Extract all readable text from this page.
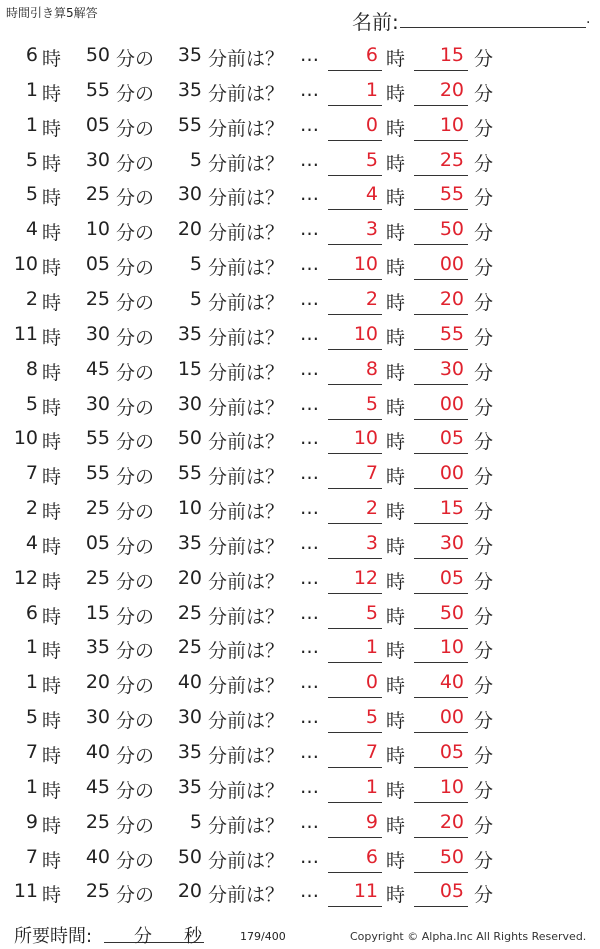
時間引き算5解答	名前:	.
6 時	50 分の	35 分前は？ …	6 時	15 分
1 時	55 分の	35 分前は？ …	1 時	20 分
1 時	05 分の	55 分前は？ …	0 時	10 分
5 時	30 分の	5 分前は？ …	5 時	25 分
5 時	25 分の	30 分前は？ …	4 時	55 分
4 時	10 分の	20 分前は？ …	3 時	50 分
10 時	05 分の	5 分前は？ …	10 時	00 分
2 時	25 分の	5 分前は？ …	2 時	20 分
11 時	30 分の	35 分前は？ …	10 時	55 分
8 時	45 分の	15 分前は？ …	8 時	30 分
5 時	30 分の	30 分前は？ …	5 時	00 分
10 時	55 分の	50 分前は？ …	10 時	05 分
7 時	55 分の	55 分前は？ …	7 時	00 分
2 時	25 分の	10 分前は？ …	2 時	15 分
4 時	05 分の	35 分前は？ …	3 時	30 分
12 時	25 分の	20 分前は？ …	12 時	05 分
6 時	15 分の	25 分前は？ …	5 時	50 分
1 時	35 分の	25 分前は？ …	1 時	10 分
1 時	20 分の	40 分前は？ …	0 時	40 分
5 時	30 分の	30 分前は？ …	5 時	00 分
7 時	40 分の	35 分前は？ …	7 時	05 分
1 時	45 分の	35 分前は？ …	1 時	10 分
9 時	25 分の	5 分前は？ …	9 時	20 分
7 時	40 分の	50 分前は？ …	6 時	50 分
11 時	25 分の	20 分前は？ …	11 時	05 分
所要時間: 分 秒	179/400	Copyright © Alpha.Inc All Rights Reserved.
